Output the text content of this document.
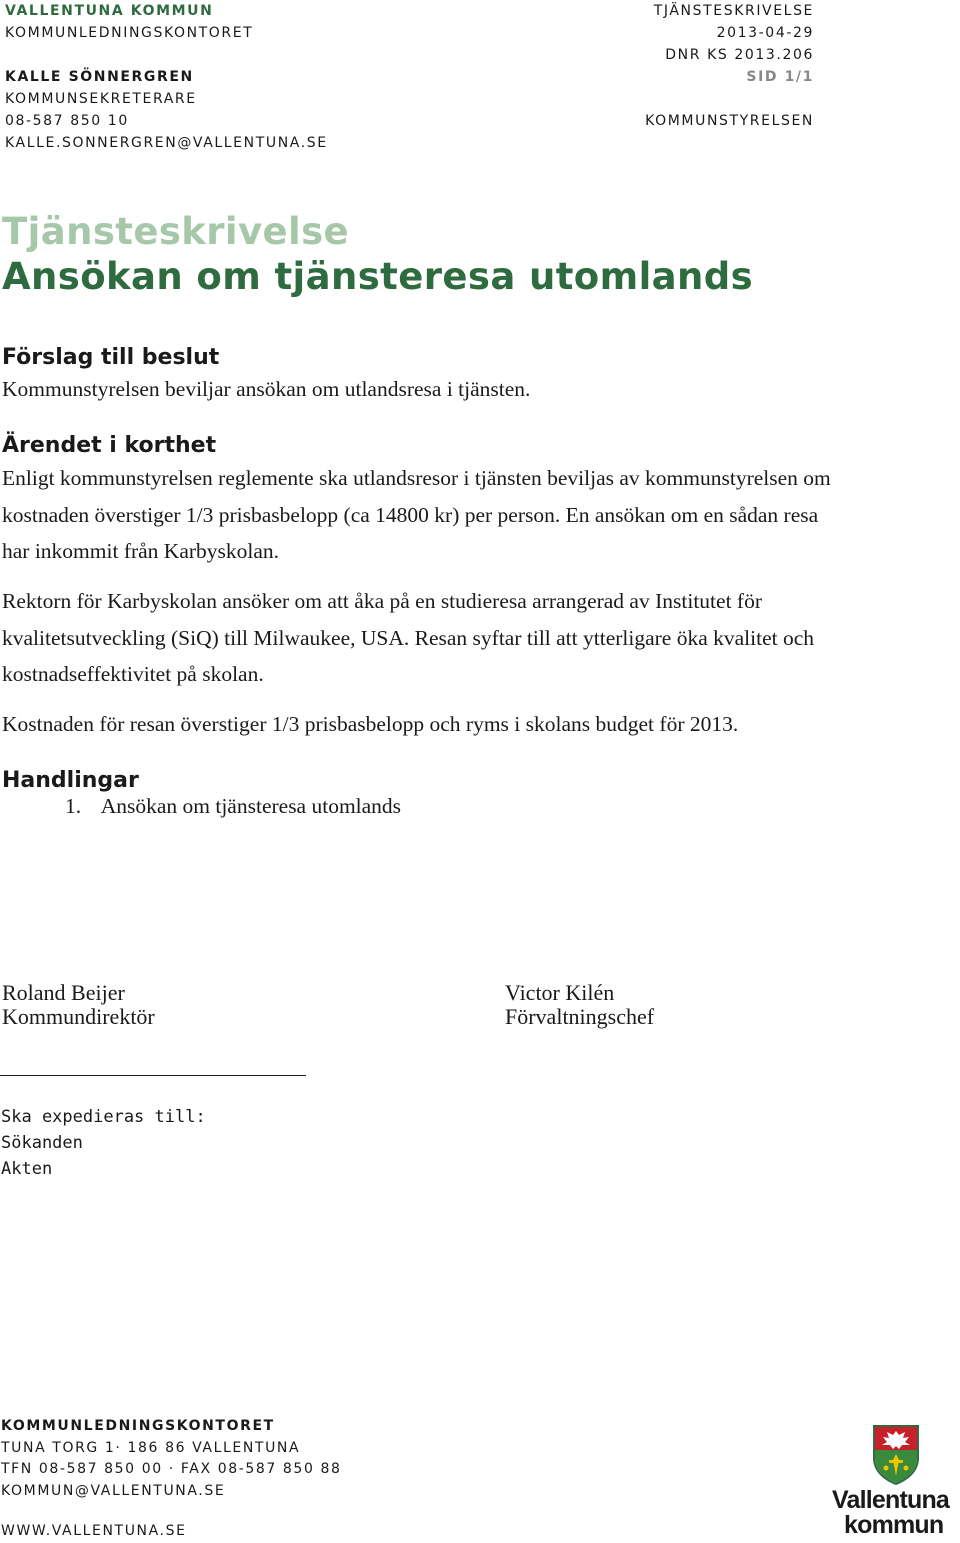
VALLENTUNA KOMMUN
KOMMUNLEDNINGSKONTORET
KALLE SÖNNERGREN
KOMMUNSEKRETERARE
08-587 850 10
KALLE.SONNERGREN@VALLENTUNA.SE
TJÄNSTESKRIVELSE
2013-04-29
DNR KS 2013.206
SID 1/1
KOMMUNSTYRELSEN
Tjänsteskrivelse
Ansökan om tjänsteresa utomlands
Förslag till beslut
Kommunstyrelsen beviljar ansökan om utlandsresa i tjänsten.
Ärendet i korthet
Enligt kommunstyrelsen reglemente ska utlandsresor i tjänsten beviljas av kommunstyrelsen om kostnaden överstiger 1/3 prisbasbelopp (ca 14800 kr) per person. En ansökan om en sådan resa har inkommit från Karbyskolan.
Rektorn för Karbyskolan ansöker om att åka på en studieresa arrangerad av Institutet för kvalitetsutveckling (SiQ) till Milwaukee, USA. Resan syftar till att ytterligare öka kvalitet och kostnadseffektivitet på skolan.
Kostnaden för resan överstiger 1/3 prisbasbelopp och ryms i skolans budget för 2013.
Handlingar
1. Ansökan om tjänsteresa utomlands
Roland Beijer
Kommundirektör
Victor Kilén
Förvaltningschef
Ska expedieras till:
Sökanden
Akten
KOMMUNLEDNINGSKONTORET
TUNA TORG 1· 186 86 VALLENTUNA
TFN 08-587 850 00 · FAX 08-587 850 88
KOMMUN@VALLENTUNA.SE
WWW.VALLENTUNA.SE
Vallentuna
kommun
